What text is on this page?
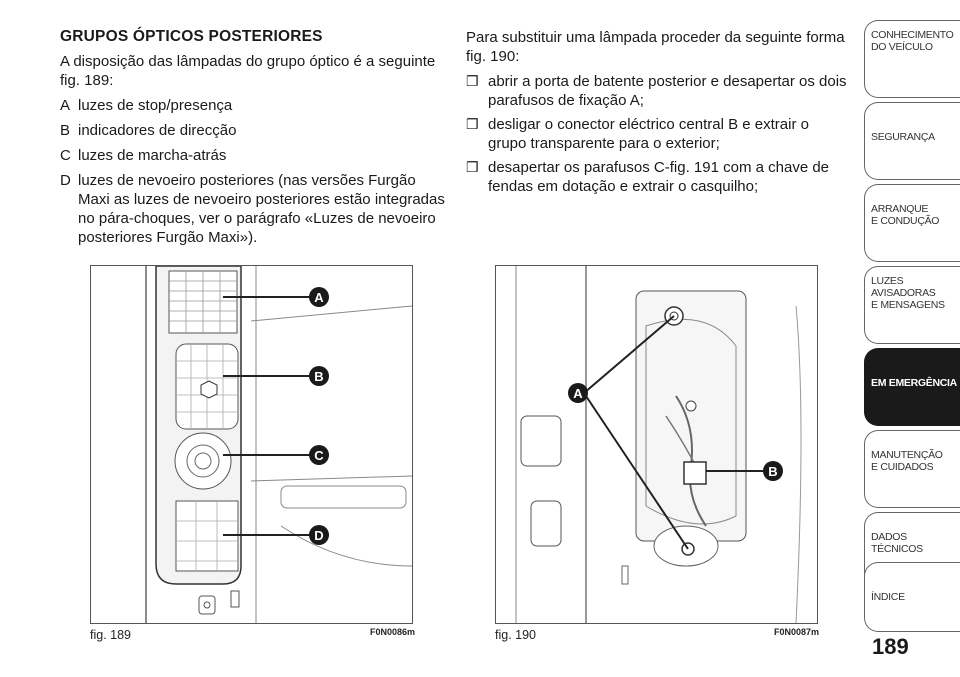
GRUPOS ÓPTICOS POSTERIORES
A disposição das lâmpadas do grupo óptico é a seguinte fig. 189:
A luzes de stop/presença
B indicadores de direcção
C luzes de marcha-atrás
D luzes de nevoeiro posteriores (nas versões Furgão Maxi as luzes de nevoeiro posteriores estão integradas no pára-choques, ver o parágrafo «Luzes de nevoeiro posteriores Furgão Maxi»).
Para substituir uma lâmpada proceder da seguinte forma fig. 190:
❒ abrir a porta de batente posterior e desapertar os dois parafusos de fixação A;
❒ desligar o conector eléctrico central B e extrair o grupo transparente para o exterior;
❒ desapertar os parafusos C-fig. 191 com a chave de fendas em dotação e extrair o casquilho;
A
B
C
D
fig. 189	F0N0086m
A
B
fig. 190	F0N0087m
CONHECIMENTO
DO VEÍCULO
SEGURANÇA
ARRANQUE
E CONDUÇÃO
LUZES
AVISADORAS
E MENSAGENS
EM EMERGÊNCIA
MANUTENÇÃO
E CUIDADOS
DADOS
TÉCNICOS
ÍNDICE
189
